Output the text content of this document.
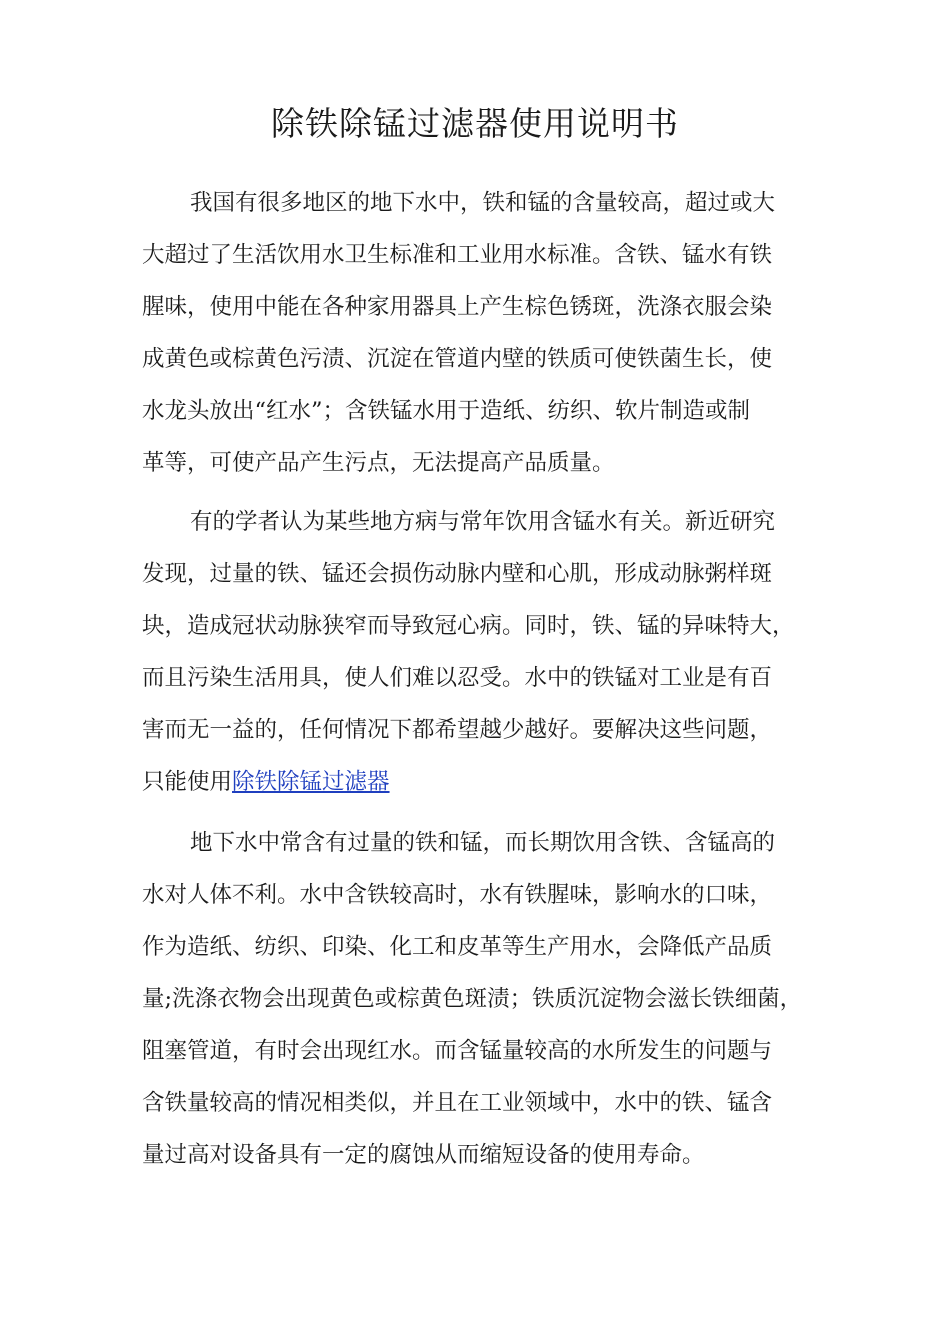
除铁除锰过滤器使用说明书
我国有很多地区的地下水中，铁和锰的含量较高，超过或大
大超过了生活饮用水卫生标准和工业用水标准。含铁、锰水有铁
腥味，使用中能在各种家用器具上产生棕色锈斑，洗涤衣服会染
成黄色或棕黄色污渍、沉淀在管道内壁的铁质可使铁菌生长，使
水龙头放出“红水”；含铁锰水用于造纸、纺织、软片制造或制
革等，可使产品产生污点，无法提高产品质量。
有的学者认为某些地方病与常年饮用含锰水有关。新近研究
发现，过量的铁、锰还会损伤动脉内壁和心肌，形成动脉粥样斑
块，造成冠状动脉狭窄而导致冠心病。同时，铁、锰的异味特大，
而且污染生活用具，使人们难以忍受。水中的铁锰对工业是有百
害而无一益的，任何情况下都希望越少越好。要解决这些问题，
只能使用除铁除锰过滤器
地下水中常含有过量的铁和锰，而长期饮用含铁、含锰高的
水对人体不利。水中含铁较高时，水有铁腥味，影响水的口味，
作为造纸、纺织、印染、化工和皮革等生产用水，会降低产品质
量;洗涤衣物会出现黄色或棕黄色斑渍；铁质沉淀物会滋长铁细菌，
阻塞管道，有时会出现红水。而含锰量较高的水所发生的问题与
含铁量较高的情况相类似，并且在工业领域中，水中的铁、锰含
量过高对设备具有一定的腐蚀从而缩短设备的使用寿命。
